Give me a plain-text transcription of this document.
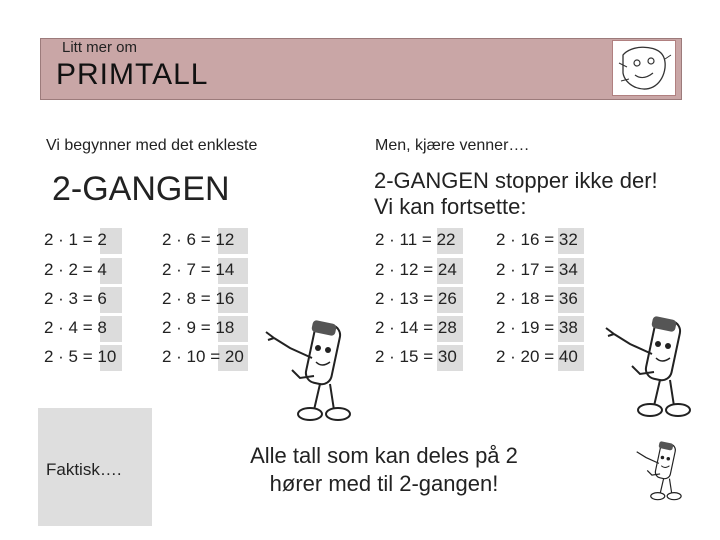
Litt mer om
PRIMTALL
Vi begynner med det enkleste	Men, kjære venner….
2-GANGEN	2-GANGEN stopper ikke der!
Vi kan fortsette:
2 · 1 = 2	2 · 6 = 12	2 · 11 = 22 2 · 16 = 32
2 · 2 = 4	2 · 7 = 14	2 · 12 = 24 2 · 17 = 34
2 · 3 = 6	2 · 8 = 16	2 · 13 = 26 2 · 18 = 36
2 · 4 = 8	2 · 9 = 18	2 · 14 = 28 2 · 19 = 38
2 · 5 = 10	2 · 10 = 20	2 · 15 = 30 2 · 20 = 40
Faktisk….
Alle tall som kan deles på 2
hører med til 2-gangen!
